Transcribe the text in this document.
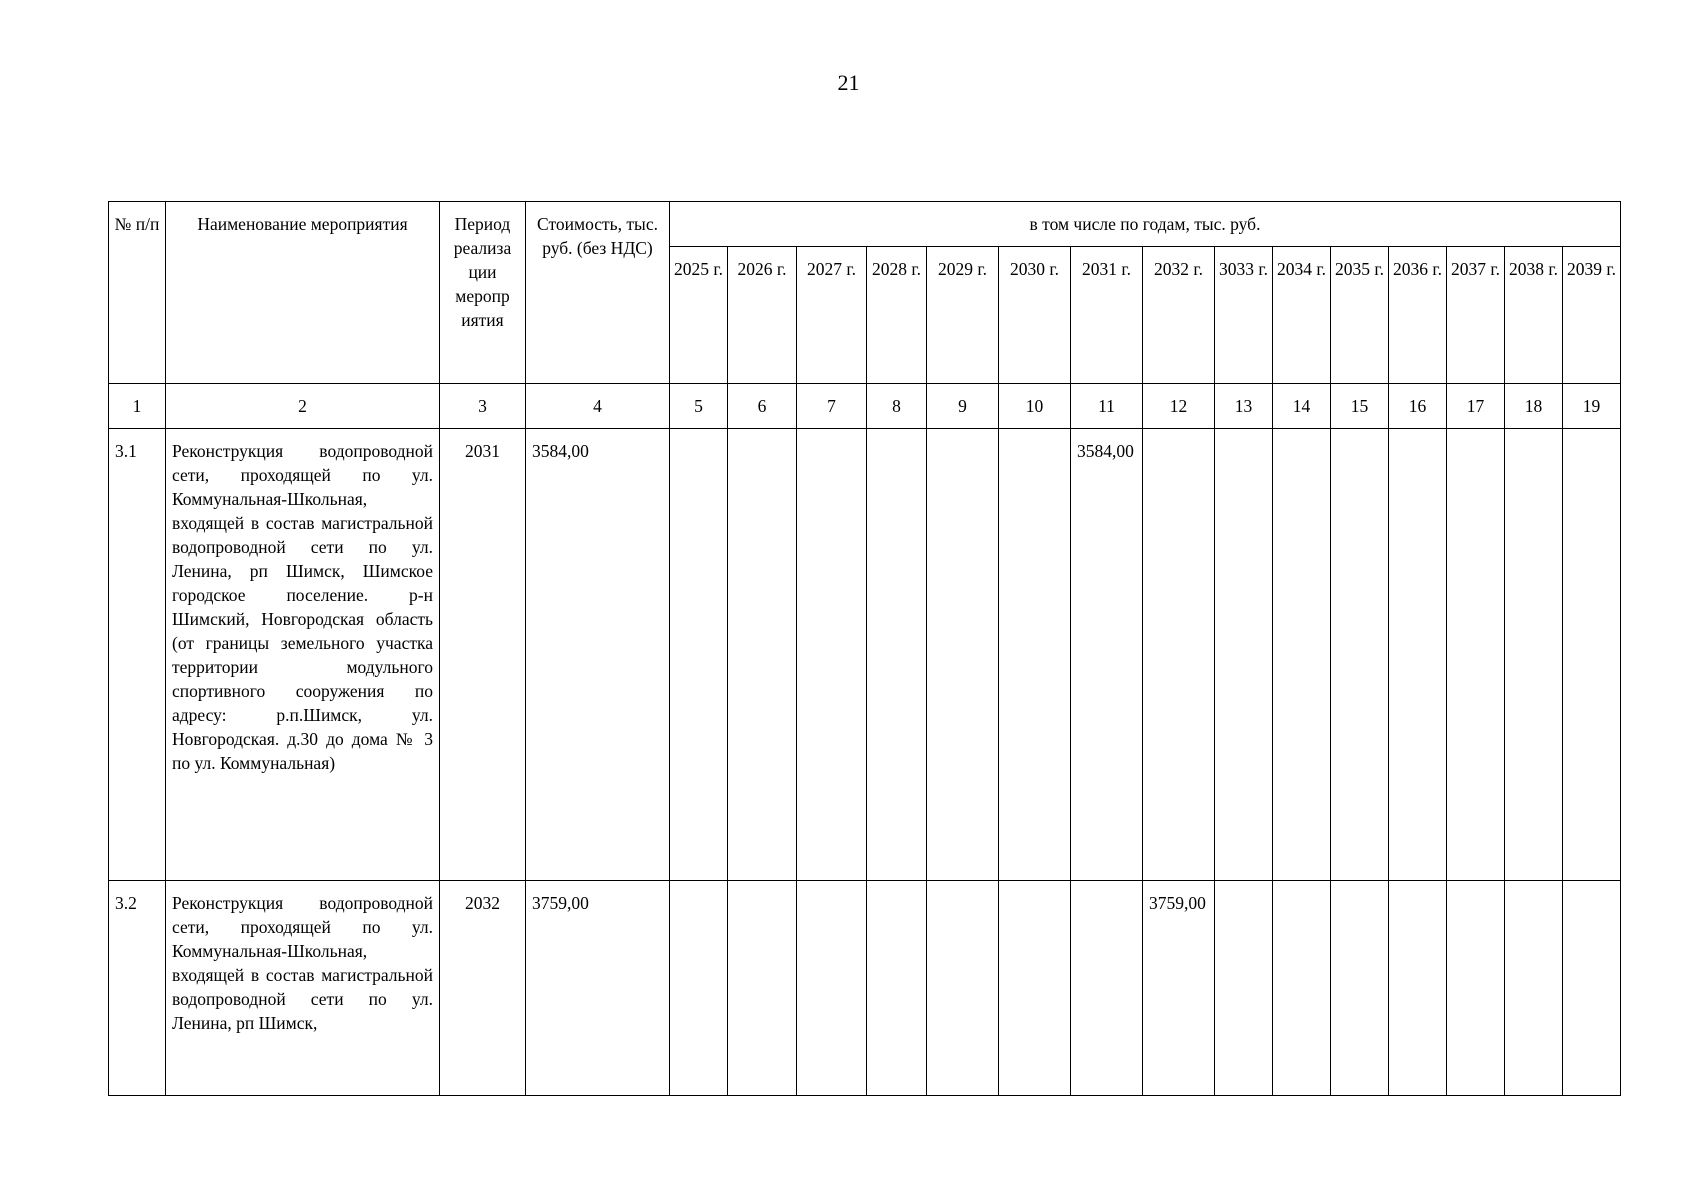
21
№ п/п	Наименование мероприятия	Период реализа ции меропр иятия	Стоимость, тыс. руб. (без НДС)	в том числе по годам, тыс. руб.														
				2025 г.	2026 г.	2027 г.	2028 г.	2029 г.	2030 г.	2031 г.	2032 г.	3033 г.	2034 г.	2035 г.	2036 г.	2037 г.	2038 г.	2039 г.
1	2	3	4	5	6	7	8	9	10	11	12	13	14	15	16	17	18	19
3.1	Реконструкция водопроводной сети, проходящей по ул. Коммунальная-Школьная, входящей в состав магистральной водопроводной сети по ул. Ленина, рп Шимск, Шимское городское поселение. р-н Шимский, Новгородская область (от границы земельного участка территории модульного спортивного сооружения по адресу: р.п.Шимск, ул. Новгородская. д.30 до дома № 3 по ул. Коммунальная)	2031	3584,00							3584,00								
3.2	Реконструкция водопроводной сети, проходящей по ул. Коммунальная-Школьная, входящей в состав магистральной водопроводной сети по ул. Ленина, рп Шимск,	2032	3759,00								3759,00							
